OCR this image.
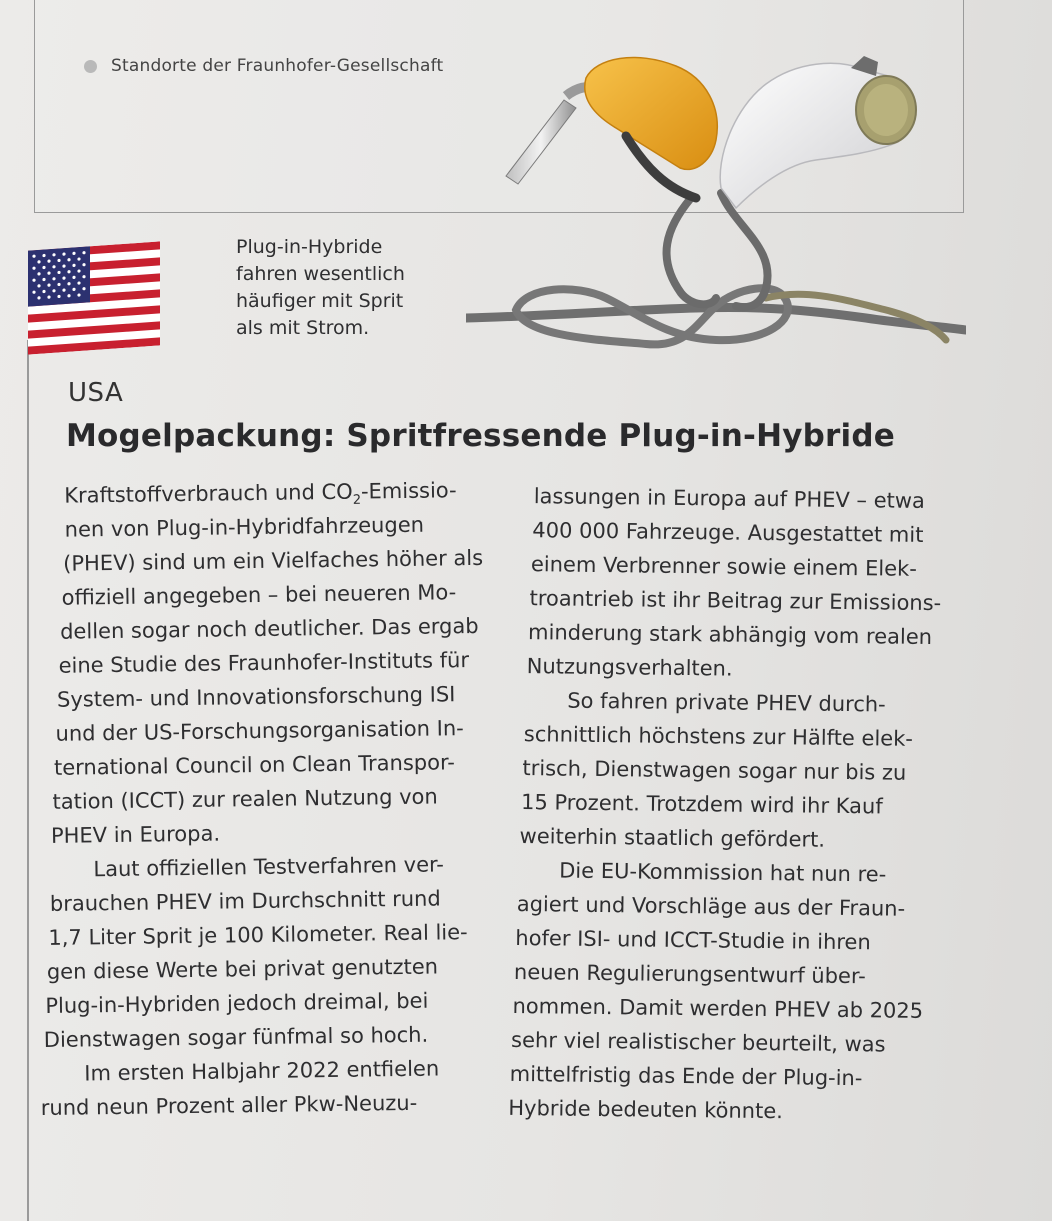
Standorte der Fraunhofer-Gesellschaft
Plug-in-Hybride
fahren wesentlich
häufiger mit Sprit
als mit Strom.
USA
Mogelpackung: Spritfressende Plug-in-Hybride
Kraftstoffverbrauch und $CO_2-Emissio-$
nen von Plug-in-Hybridfahrzeugen
(PHEV) sind um ein Vielfaches höher als
offiziell angegeben – bei neueren Mo-
dellen sogar noch deutlicher. Das ergab
eine Studie des Fraunhofer-Instituts für
System- und Innovationsforschung ISI
und der US-Forschungsorganisation In-
ternational Council on Clean Transpor-
tation (ICCT) zur realen Nutzung von
PHEV in Europa.
Laut offiziellen Testverfahren ver-
brauchen PHEV im Durchschnitt rund
1,7 Liter Sprit je 100 Kilometer. Real lie-
gen diese Werte bei privat genutzten
Plug-in-Hybriden jedoch dreimal, bei
Dienstwagen sogar fünfmal so hoch.
Im ersten Halbjahr 2022 entfielen
rund neun Prozent aller Pkw-Neuzu-
lassungen in Europa auf PHEV – etwa
400 000 Fahrzeuge. Ausgestattet mit
einem Verbrenner sowie einem Elek-
troantrieb ist ihr Beitrag zur Emissions-
minderung stark abhängig vom realen
Nutzungsverhalten.
So fahren private PHEV durch-
schnittlich höchstens zur Hälfte elek-
trisch, Dienstwagen sogar nur bis zu
15 Prozent. Trotzdem wird ihr Kauf
weiterhin staatlich gefördert.
Die EU-Kommission hat nun re-
agiert und Vorschläge aus der Fraun-
hofer ISI- und ICCT-Studie in ihren
neuen Regulierungsentwurf über-
nommen. Damit werden PHEV ab 2025
sehr viel realistischer beurteilt, was
mittelfristig das Ende der Plug-in-
Hybride bedeuten könnte.
